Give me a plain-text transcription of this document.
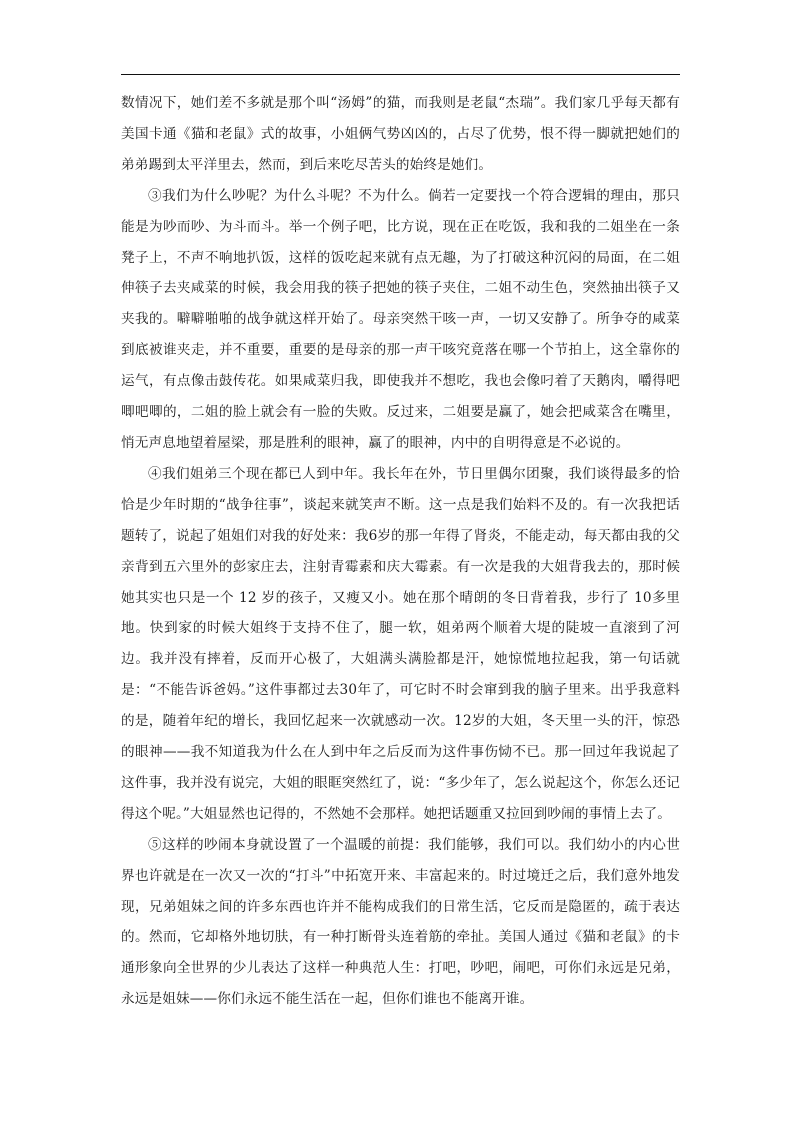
数情况下，她们差不多就是那个叫“汤姆”的猫，而我则是老鼠“杰瑞”。我们家几乎每天都有美国卡通《猫和老鼠》式的故事，小姐俩气势凶凶的，占尽了优势，恨不得一脚就把她们的弟弟踢到太平洋里去，然而，到后来吃尽苦头的始终是她们。

③我们为什么吵呢？为什么斗呢？不为什么。倘若一定要找一个符合逻辑的理由，那只能是为吵而吵、为斗而斗。举一个例子吧，比方说，现在正在吃饭，我和我的二姐坐在一条凳子上，不声不响地扒饭，这样的饭吃起来就有点无趣，为了打破这种沉闷的局面，在二姐伸筷子去夹咸菜的时候，我会用我的筷子把她的筷子夹住，二姐不动生色，突然抽出筷子又夹我的。噼噼啪啪的战争就这样开始了。母亲突然干咳一声，一切又安静了。所争夺的咸菜到底被谁夹走，并不重要，重要的是母亲的那一声干咳究竟落在哪一个节拍上，这全靠你的运气，有点像击鼓传花。如果咸菜归我，即使我并不想吃，我也会像叼着了天鹅肉，嚼得吧唧吧唧的，二姐的脸上就会有一脸的失败。反过来，二姐要是赢了，她会把咸菜含在嘴里，悄无声息地望着屋梁，那是胜利的眼神，赢了的眼神，内中的自明得意是不必说的。

④我们姐弟三个现在都已人到中年。我长年在外，节日里偶尔团聚，我们谈得最多的恰恰是少年时期的“战争往事”，谈起来就笑声不断。这一点是我们始料不及的。有一次我把话题转了，说起了姐姐们对我的好处来：我6岁的那一年得了肾炎，不能走动，每天都由我的父亲背到五六里外的彭家庄去，注射青霉素和庆大霉素。有一次是我的大姐背我去的，那时候她其实也只是一个 12 岁的孩子，又瘦又小。她在那个晴朗的冬日背着我，步行了 10多里地。快到家的时候大姐终于支持不住了，腿一软，姐弟两个顺着大堤的陡坡一直滚到了河边。我并没有摔着，反而开心极了，大姐满头满脸都是汗，她惊慌地拉起我，第一句话就是：“不能告诉爸妈。”这件事都过去30年了，可它时不时会窜到我的脑子里来。出乎我意料的是，随着年纪的增长，我回忆起来一次就感动一次。12岁的大姐，冬天里一头的汗，惊恐的眼神——我不知道我为什么在人到中年之后反而为这件事伤恸不已。那一回过年我说起了这件事，我并没有说完，大姐的眼眶突然红了，说：“多少年了，怎么说起这个，你怎么还记得这个呢。”大姐显然也记得的，不然她不会那样。她把话题重又拉回到吵闹的事情上去了。

⑤这样的吵闹本身就设置了一个温暖的前提：我们能够，我们可以。我们幼小的内心世界也许就是在一次又一次的“打斗”中拓宽开来、丰富起来的。时过境迁之后，我们意外地发现，兄弟姐妹之间的许多东西也许并不能构成我们的日常生活，它反而是隐匿的，疏于表达的。然而，它却格外地切肤，有一种打断骨头连着筋的牵扯。美国人通过《猫和老鼠》的卡通形象向全世界的少儿表达了这样一种典范人生：打吧，吵吧，闹吧，可你们永远是兄弟，永远是姐妹——你们永远不能生活在一起，但你们谁也不能离开谁。
